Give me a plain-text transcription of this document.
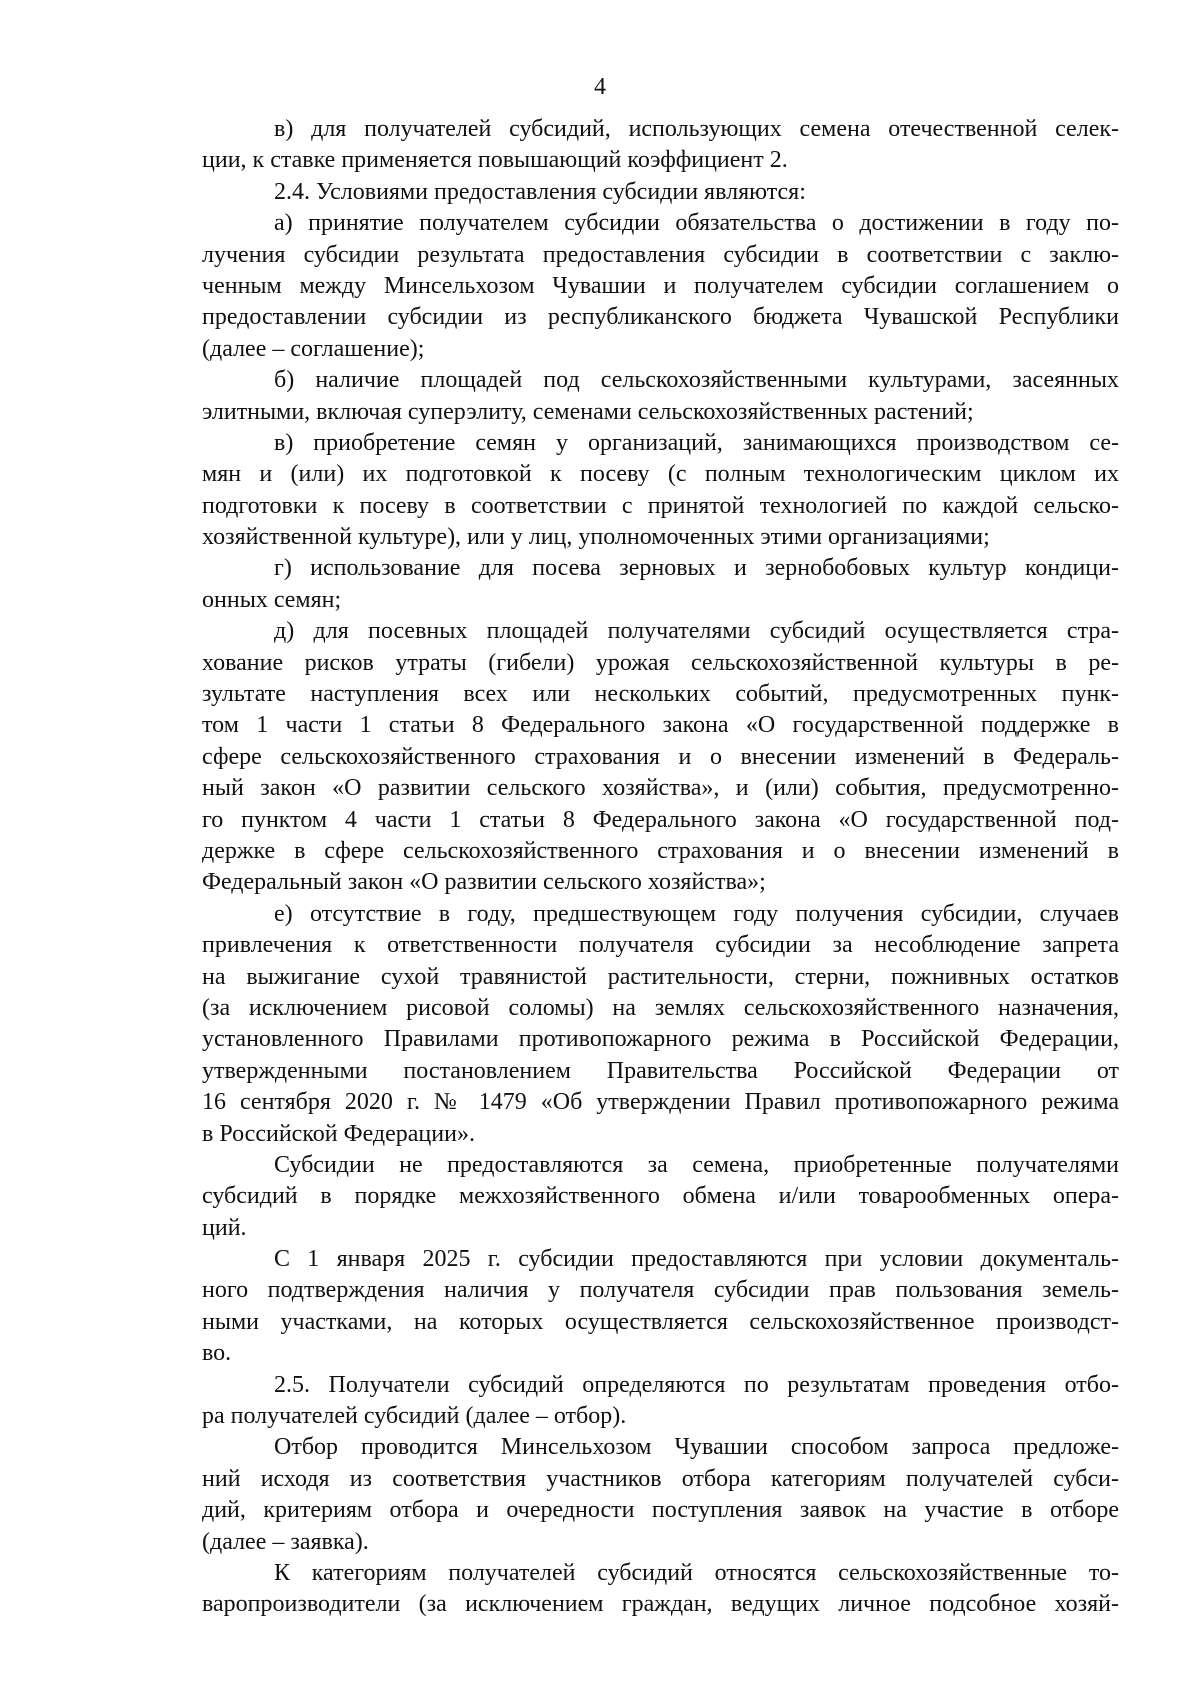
4
в) для получателей субсидий, использующих семена отечественной селек-
ции, к ставке применяется повышающий коэффициент 2.
2.4. Условиями предоставления субсидии являются:
а) принятие получателем субсидии обязательства о достижении в году по-
лучения субсидии результата предоставления субсидии в соответствии с заклю-
ченным между Минсельхозом Чувашии и получателем субсидии соглашением о
предоставлении субсидии из республиканского бюджета Чувашской Республики
(далее – соглашение);
б) наличие площадей под сельскохозяйственными культурами, засеянных
элитными, включая суперэлиту, семенами сельскохозяйственных растений;
в) приобретение семян у организаций, занимающихся производством се-
мян и (или) их подготовкой к посеву (с полным технологическим циклом их
подготовки к посеву в соответствии с принятой технологией по каждой сельско-
хозяйственной культуре), или у лиц, уполномоченных этими организациями;
г) использование для посева зерновых и зернобобовых культур кондици-
онных семян;
д) для посевных площадей получателями субсидий осуществляется стра-
хование рисков утраты (гибели) урожая сельскохозяйственной культуры в ре-
зультате наступления всех или нескольких событий, предусмотренных пунк-
том 1 части 1 статьи 8 Федерального закона «О государственной поддержке в
сфере сельскохозяйственного страхования и о внесении изменений в Федераль-
ный закон «О развитии сельского хозяйства», и (или) события, предусмотренно-
го пунктом 4 части 1 статьи 8 Федерального закона «О государственной под-
держке в сфере сельскохозяйственного страхования и о внесении изменений в
Федеральный закон «О развитии сельского хозяйства»;
е) отсутствие в году, предшествующем году получения субсидии, случаев
привлечения к ответственности получателя субсидии за несоблюдение запрета
на выжигание сухой травянистой растительности, стерни, пожнивных остатков
(за исключением рисовой соломы) на землях сельскохозяйственного назначения,
установленного Правилами противопожарного режима в Российской Федерации,
утвержденными постановлением Правительства Российской Федерации от
16 сентября 2020 г. № 1479 «Об утверждении Правил противопожарного режима
в Российской Федерации».
Субсидии не предоставляются за семена, приобретенные получателями
субсидий в порядке межхозяйственного обмена и/или товарообменных опера-
ций.
С 1 января 2025 г. субсидии предоставляются при условии документаль-
ного подтверждения наличия у получателя субсидии прав пользования земель-
ными участками, на которых осуществляется сельскохозяйственное производст-
во.
2.5. Получатели субсидий определяются по результатам проведения отбо-
ра получателей субсидий (далее – отбор).
Отбор проводится Минсельхозом Чувашии способом запроса предложе-
ний исходя из соответствия участников отбора категориям получателей субси-
дий, критериям отбора и очередности поступления заявок на участие в отборе
(далее – заявка).
К категориям получателей субсидий относятся сельскохозяйственные то-
варопроизводители (за исключением граждан, ведущих личное подсобное хозяй-
